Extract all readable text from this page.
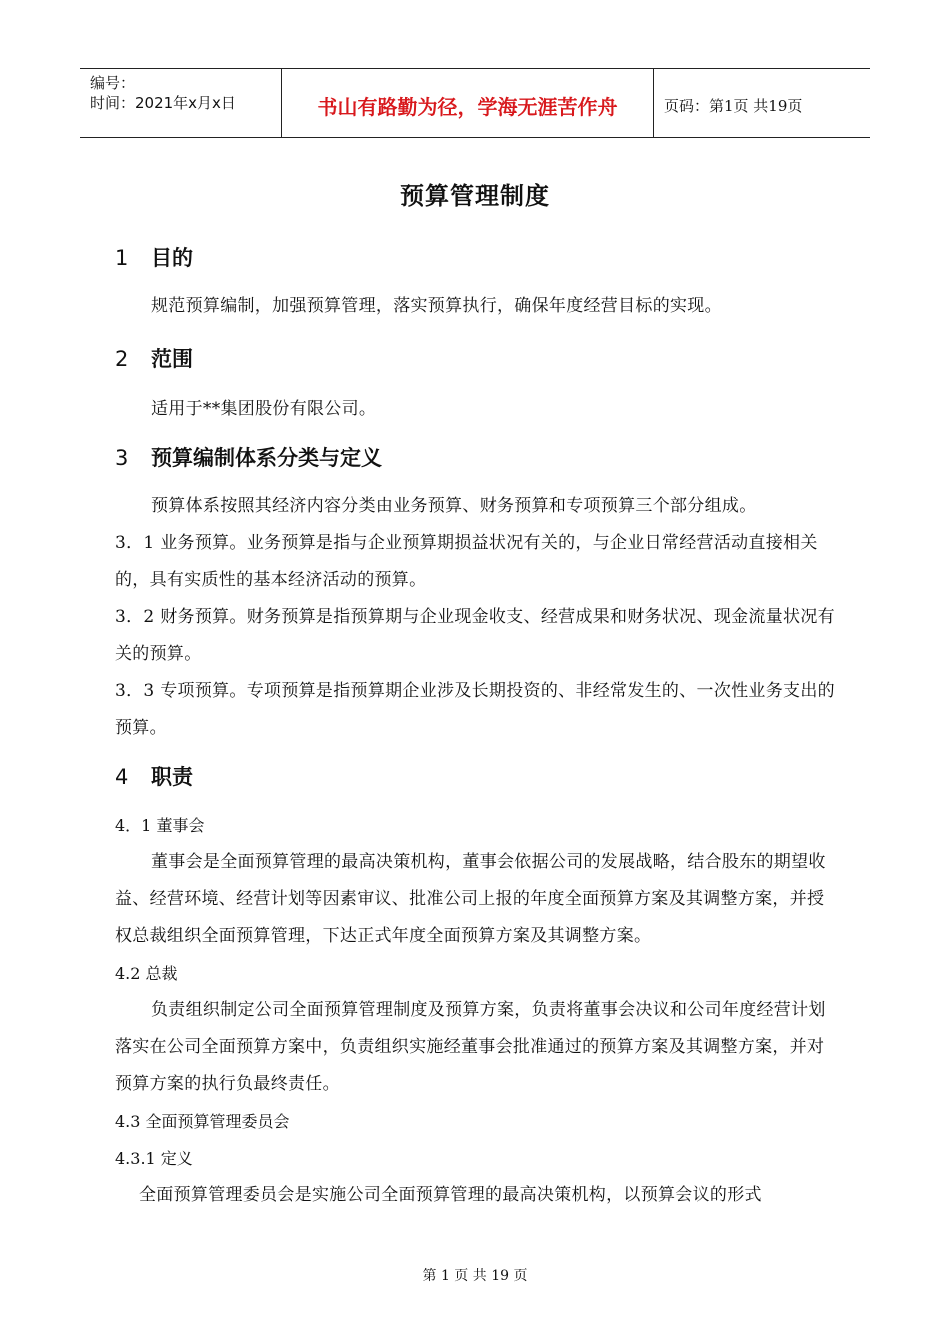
编号：
时间：2021年x月x日	书山有路勤为径，学海无涯苦作舟	页码：第1页 共19页
预算管理制度
1	目的
规范预算编制，加强预算管理，落实预算执行，确保年度经营目标的实现。
2	范围
适用于**集团股份有限公司。
3	预算编制体系分类与定义
预算体系按照其经济内容分类由业务预算、财务预算和专项预算三个部分组成。
3．1 业务预算。业务预算是指与企业预算期损益状况有关的，与企业日常经营活动直接相关的，具有实质性的基本经济活动的预算。
3．2 财务预算。财务预算是指预算期与企业现金收支、经营成果和财务状况、现金流量状况有关的预算。
3．3 专项预算。专项预算是指预算期企业涉及长期投资的、非经常发生的、一次性业务支出的预算。
4	职责
4．1 董事会
董事会是全面预算管理的最高决策机构，董事会依据公司的发展战略，结合股东的期望收益、经营环境、经营计划等因素审议、批准公司上报的年度全面预算方案及其调整方案，并授权总裁组织全面预算管理，下达正式年度全面预算方案及其调整方案。
4.2 总裁
负责组织制定公司全面预算管理制度及预算方案，负责将董事会决议和公司年度经营计划落实在公司全面预算方案中，负责组织实施经董事会批准通过的预算方案及其调整方案，并对预算方案的执行负最终责任。
4.3 全面预算管理委员会
4.3.1 定义
全面预算管理委员会是实施公司全面预算管理的最高决策机构，以预算会议的形式
第 1 页 共 19 页
